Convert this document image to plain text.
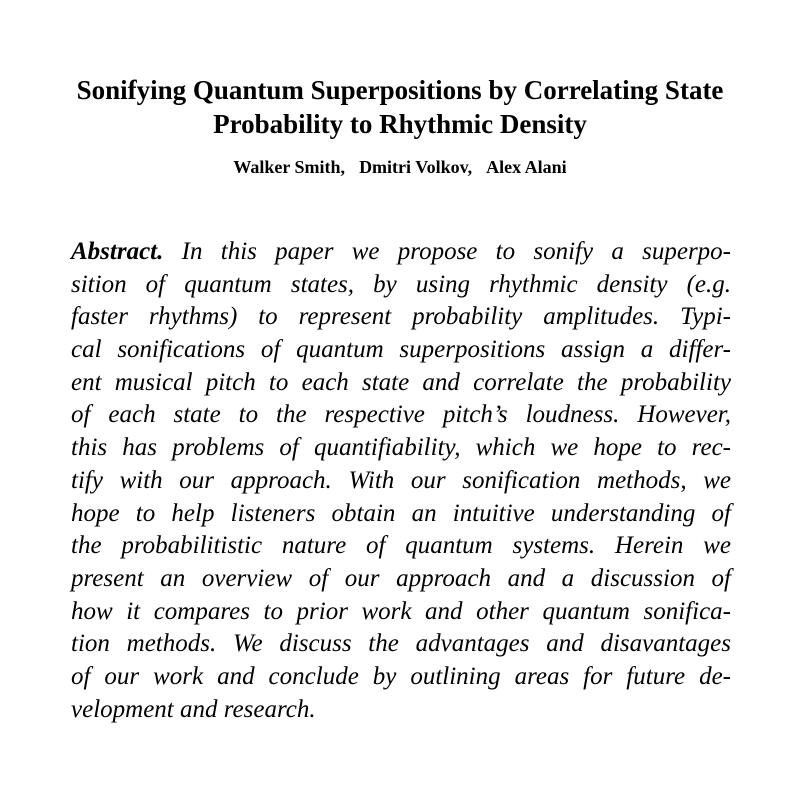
Sonifying Quantum Superpositions by Correlating State
Probability to Rhythmic Density
Walker Smith, Dmitri Volkov, Alex Alani
Abstract. In this paper we propose to sonify a superpo-
sition of quantum states, by using rhythmic density (e.g.
faster rhythms) to represent probability amplitudes. Typi-
cal sonifications of quantum superpositions assign a differ-
ent musical pitch to each state and correlate the probability
of each state to the respective pitch’s loudness. However,
this has problems of quantifiability, which we hope to rec-
tify with our approach. With our sonification methods, we
hope to help listeners obtain an intuitive understanding of
the probabilitistic nature of quantum systems. Herein we
present an overview of our approach and a discussion of
how it compares to prior work and other quantum sonifica-
tion methods. We discuss the advantages and disavantages
of our work and conclude by outlining areas for future de-
velopment and research.
